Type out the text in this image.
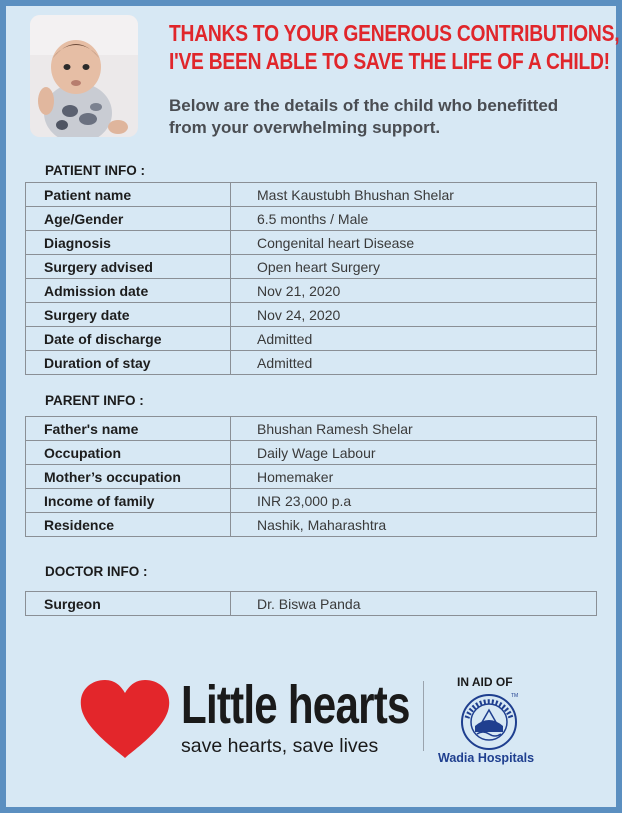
THANKS TO YOUR GENEROUS CONTRIBUTIONS,
I'VE BEEN ABLE TO SAVE THE LIFE OF A CHILD!
Below are the details of the child who benefitted
from your overwhelming support.
PATIENT INFO :
Patient name	Mast Kaustubh Bhushan Shelar
Age/Gender	6.5 months / Male
Diagnosis	Congenital heart Disease
Surgery advised	Open heart Surgery
Admission date	Nov 21, 2020
Surgery date	Nov 24, 2020
Date of discharge	Admitted
Duration of stay	Admitted
PARENT INFO :
Father's name	Bhushan Ramesh Shelar
Occupation	Daily Wage Labour
Mother’s occupation	Homemaker
Income of family	INR 23,000 p.a
Residence	Nashik, Maharashtra
DOCTOR INFO :
Surgeon	Dr. Biswa Panda
Little hearts
save hearts, save lives
IN AID OF
TM
Wadia Hospitals
